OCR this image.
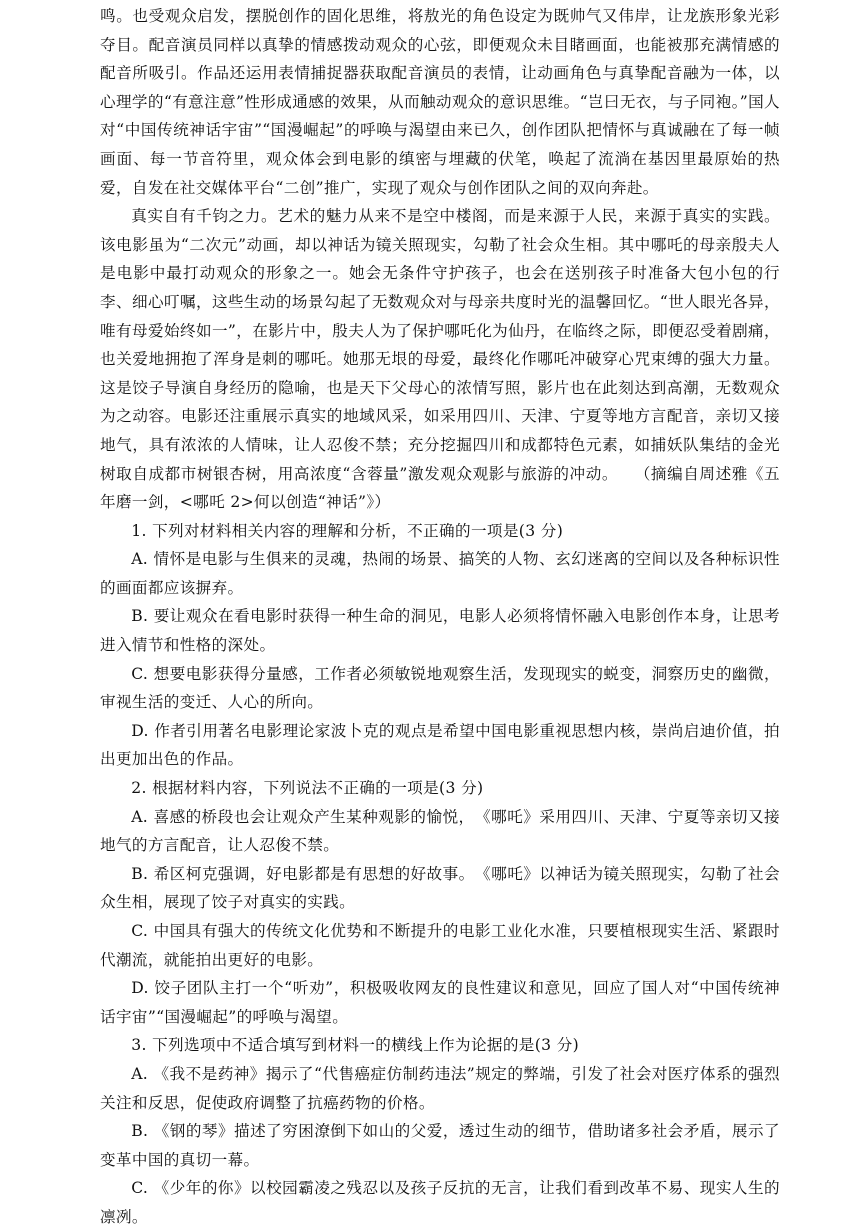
鸣。也受观众启发，摆脱创作的固化思维，将敖光的角色设定为既帅气又伟岸，让龙族形象光彩夺目。配音演员同样以真挚的情感拨动观众的心弦，即便观众未目睹画面，也能被那充满情感的配音所吸引。作品还运用表情捕捉器获取配音演员的表情，让动画角色与真挚配音融为一体，以心理学的“有意注意”性形成通感的效果，从而触动观众的意识思维。“岂曰无衣，与子同袍。”国人对“中国传统神话宇宙”“国漫崛起”的呼唤与渴望由来已久，创作团队把情怀与真诚融在了每一帧画面、每一节音符里，观众体会到电影的缜密与埋藏的伏笔，唤起了流淌在基因里最原始的热爱，自发在社交媒体平台“二创”推广，实现了观众与创作团队之间的双向奔赴。

真实自有千钧之力。艺术的魅力从来不是空中楼阁，而是来源于人民，来源于真实的实践。该电影虽为“二次元”动画，却以神话为镜关照现实，勾勒了社会众生相。其中哪吒的母亲殷夫人是电影中最打动观众的形象之一。她会无条件守护孩子，也会在送别孩子时准备大包小包的行李、细心叮嘱，这些生动的场景勾起了无数观众对与母亲共度时光的温馨回忆。“世人眼光各异，唯有母爱始终如一”，在影片中，殷夫人为了保护哪吒化为仙丹，在临终之际，即便忍受着剧痛，也关爱地拥抱了浑身是刺的哪吒。她那无垠的母爱，最终化作哪吒冲破穿心咒束缚的强大力量。这是饺子导演自身经历的隐喻，也是天下父母心的浓情写照，影片也在此刻达到高潮，无数观众为之动容。电影还注重展示真实的地域风采，如采用四川、天津、宁夏等地方言配音，亲切又接地气，具有浓浓的人情味，让人忍俊不禁；充分挖掘四川和成都特色元素，如捕妖队集结的金光树取自成都市树银杏树，用高浓度“含蓉量”激发观众观影与旅游的冲动。　　（摘编自周述雅《五年磨一剑，<哪吒 2>何以创造“神话”》）

1. 下列对材料相关内容的理解和分析，不正确的一项是(3 分)

A. 情怀是电影与生俱来的灵魂，热闹的场景、搞笑的人物、玄幻迷离的空间以及各种标识性的画面都应该摒弃。

B. 要让观众在看电影时获得一种生命的洞见，电影人必须将情怀融入电影创作本身，让思考进入情节和性格的深处。

C. 想要电影获得分量感，工作者必须敏锐地观察生活，发现现实的蜕变，洞察历史的幽微，审视生活的变迁、人心的所向。

D. 作者引用著名电影理论家波卜克的观点是希望中国电影重视思想内核，崇尚启迪价值，拍出更加出色的作品。

2. 根据材料内容，下列说法不正确的一项是(3 分)

A. 喜感的桥段也会让观众产生某种观影的愉悦，　《哪吒》采用四川、天津、宁夏等亲切又接地气的方言配音，让人忍俊不禁。

B. 希区柯克强调，好电影都是有思想的好故事。　《哪吒》以神话为镜关照现实，勾勒了社会众生相，展现了饺子对真实的实践。

C. 中国具有强大的传统文化优势和不断提升的电影工业化水准，只要植根现实生活、紧跟时代潮流，就能拍出更好的电影。

D. 饺子团队主打一个“听劝”，积极吸收网友的良性建议和意见，回应了国人对“中国传统神话宇宙”“国漫崛起”的呼唤与渴望。

3. 下列选项中不适合填写到材料一的横线上作为论据的是(3 分)

A. 《我不是药神》揭示了“代售癌症仿制药违法”规定的弊端，引发了社会对医疗体系的强烈关注和反思，促使政府调整了抗癌药物的价格。

B. 《钢的琴》描述了穷困潦倒下如山的父爱，透过生动的细节，借助诸多社会矛盾，展示了变革中国的真切一幕。

C. 《少年的你》以校园霸凌之残忍以及孩子反抗的无言，让我们看到改革不易、现实人生的凛冽。
